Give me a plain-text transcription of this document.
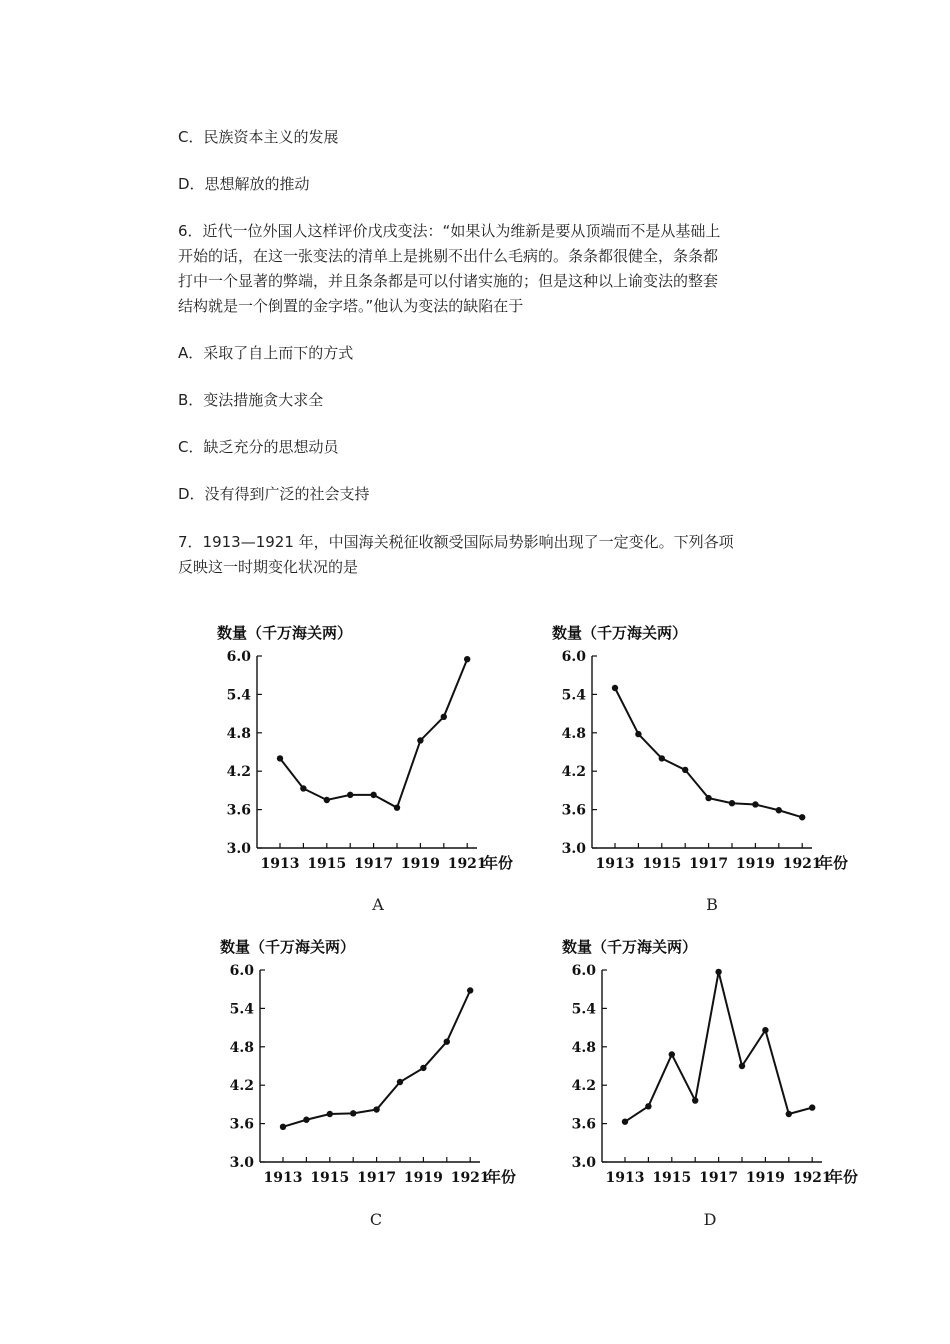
C．民族资本主义的发展
D．思想解放的推动
6．近代一位外国人这样评价戊戌变法：“如果认为维新是要从顶端而不是从基础上
开始的话，在这一张变法的清单上是挑剔不出什么毛病的。条条都很健全，条条都
打中一个显著的弊端，并且条条都是可以付诸实施的；但是这种以上谕变法的整套
结构就是一个倒置的金字塔。”他认为变法的缺陷在于
A．采取了自上而下的方式
B．变法措施贪大求全
C．缺乏充分的思想动员
D．没有得到广泛的社会支持
7．1913—1921 年，中国海关税征收额受国际局势影响出现了一定变化。下列各项
反映这一时期变化状况的是
数量（千万海关两）
3.0
3.6
4.2
4.8
5.4
6.0
1913 1915 1917 1919 1921
年份
A
数量（千万海关两）
3.0
3.6
4.2
4.8
5.4
6.0
1913 1915 1917 1919 1921
年份
B
数量（千万海关两）
3.0
3.6
4.2
4.8
5.4
6.0
1913 1915 1917 1919 1921
年份
C
数量（千万海关两）
3.0
3.6
4.2
4.8
5.4
6.0
1913 1915 1917 1919 1921
年份
D
